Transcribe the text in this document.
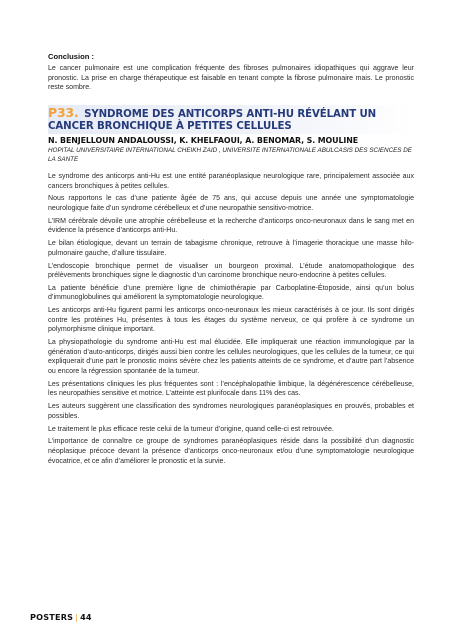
Conclusion :

Le cancer pulmonaire est une complication fréquente des fibroses pulmonaires idiopathiques qui aggrave leur pronostic. La prise en charge thérapeutique est faisable en tenant compte la fibrose pulmonaire mais. Le pronostic reste sombre.

P33. SYNDROME DES ANTICORPS ANTI-HU RÉVÉLANT UN CANCER BRONCHIQUE À PETITES CELLULES

N. BENJELLOUN ANDALOUSSI, K. KHELFAOUI, A. BENOMAR, S. MOULINE

HOPITAL UNIVERSITAIRE INTERNATIONAL CHEIKH ZAID , UNIVERSITE INTERNATIONALE ABULCASIS DES SCIENCES DE LA SANTE

Le syndrome des anticorps anti-Hu est une entité paranéoplasique neurologique rare, principalement associée aux cancers bronchiques à petites cellules.

Nous rapportons le cas d’une patiente âgée de 75 ans, qui accuse depuis une année une symptomatologie neurologique faite d’un syndrome cérébelleux et d’une neuropathie sensitivo-motrice.

L’IRM cérébrale dévoile une atrophie cérébelleuse et la recherche d’anticorps onco-neuronaux dans le sang met en évidence la présence d’anticorps anti-Hu.

Le bilan étiologique, devant un terrain de tabagisme chronique, retrouve à l’imagerie thoracique une masse hilo-pulmonaire gauche, d’allure tissulaire.

L’endoscopie bronchique permet de visualiser un bourgeon proximal. L’étude anatomopathologique des prélèvements bronchiques signe le diagnostic d’un carcinome bronchique neuro-endocrine à petites cellules.

La patiente bénéficie d’une première ligne de chimiothérapie par Carboplatine-Étoposide, ainsi qu’un bolus d’immunoglobulines qui améliorent la symptomatologie neurologique.

Les anticorps anti-Hu figurent parmi les anticorps onco-neuronaux les mieux caractérisés à ce jour. Ils sont dirigés contre les protéines Hu, présentes à tous les étages du système nerveux, ce qui profère à ce syndrome un polymorphisme clinique important.

La physiopathologie du syndrome anti-Hu est mal élucidée. Elle impliquerait une réaction immunologique par la génération d’auto-anticorps, dirigés aussi bien contre les cellules neurologiques, que les cellules de la tumeur, ce qui expliquerait d’une part le pronostic moins sévère chez les patients atteints de ce syndrome, et d’autre part l’absence ou encore la régression spontanée de la tumeur.

Les présentations cliniques les plus fréquentes sont : l’encéphalopathie limbique, la dégénérescence cérébelleuse, les neuropathies sensitive et motrice. L’atteinte est plurifocale dans 11% des cas.

Les auteurs suggèrent une classification des syndromes neurologiques paranéoplasiques en prouvés, probables et possibles.

Le traitement le plus efficace reste celui de la tumeur d’origine, quand celle-ci est retrouvée.

L’importance de connaître ce groupe de syndromes paranéoplasiques réside dans la possibilité d’un diagnostic néoplasique précoce devant la présence d’anticorps onco-neuronaux et/ou d’une symptomatologie neurologique évocatrice, et ce afin d’améliorer le pronostic et la survie.

POSTERS | 44
